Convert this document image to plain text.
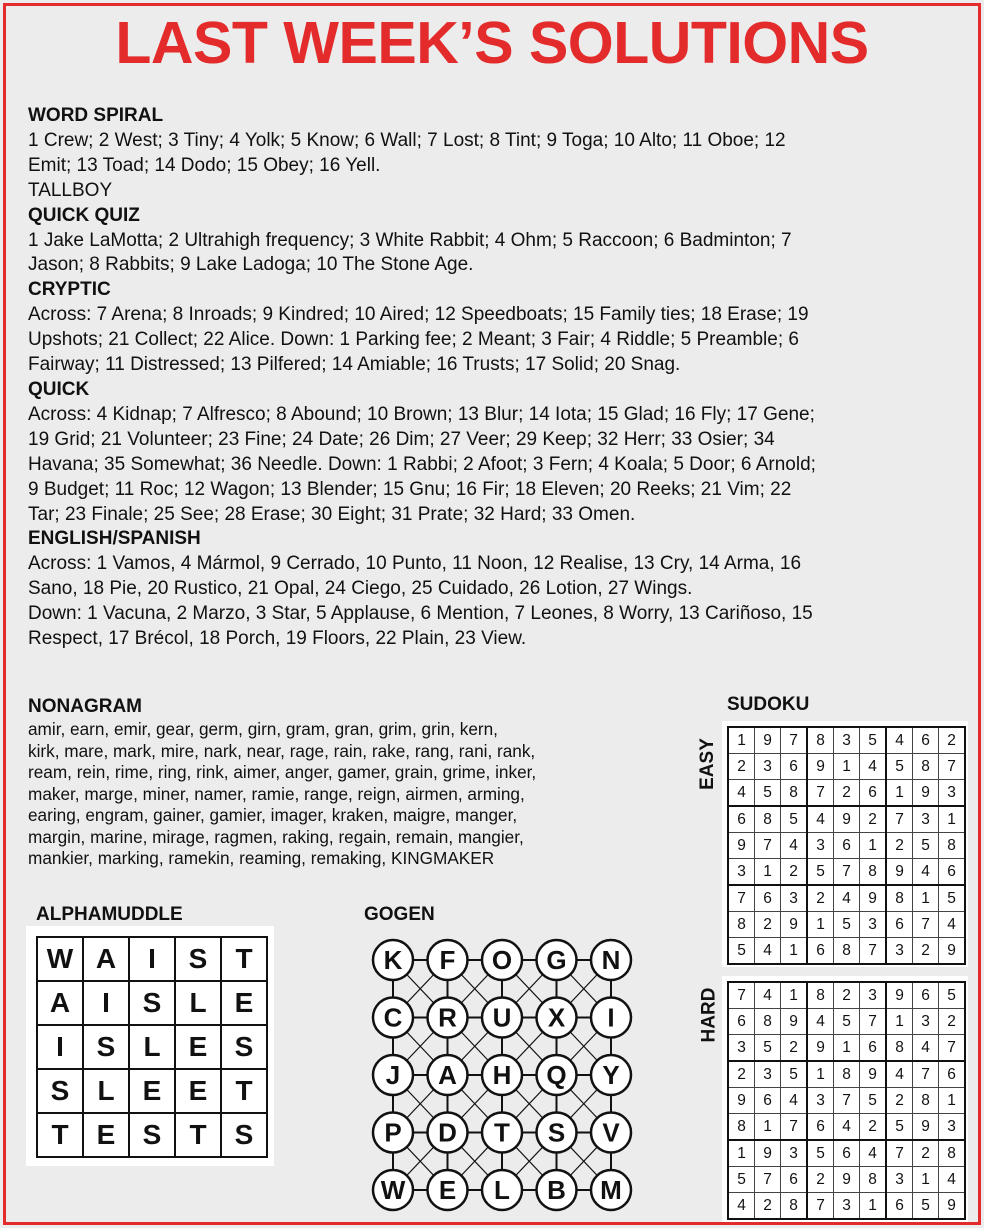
LAST WEEK’S SOLUTIONS
WORD SPIRAL
1 Crew; 2 West; 3 Tiny; 4 Yolk; 5 Know; 6 Wall; 7 Lost; 8 Tint; 9 Toga; 10 Alto; 11 Oboe; 12
Emit; 13 Toad; 14 Dodo; 15 Obey; 16 Yell.
TALLBOY
QUICK QUIZ
1 Jake LaMotta; 2 Ultrahigh frequency; 3 White Rabbit; 4 Ohm; 5 Raccoon; 6 Badminton; 7
Jason; 8 Rabbits; 9 Lake Ladoga; 10 The Stone Age.
CRYPTIC
Across: 7 Arena; 8 Inroads; 9 Kindred; 10 Aired; 12 Speedboats; 15 Family ties; 18 Erase; 19
Upshots; 21 Collect; 22 Alice. Down: 1 Parking fee; 2 Meant; 3 Fair; 4 Riddle; 5 Preamble; 6
Fairway; 11 Distressed; 13 Pilfered; 14 Amiable; 16 Trusts; 17 Solid; 20 Snag.
QUICK
Across: 4 Kidnap; 7 Alfresco; 8 Abound; 10 Brown; 13 Blur; 14 Iota; 15 Glad; 16 Fly; 17 Gene;
19 Grid; 21 Volunteer; 23 Fine; 24 Date; 26 Dim; 27 Veer; 29 Keep; 32 Herr; 33 Osier; 34
Havana; 35 Somewhat; 36 Needle. Down: 1 Rabbi; 2 Afoot; 3 Fern; 4 Koala; 5 Door; 6 Arnold;
9 Budget; 11 Roc; 12 Wagon; 13 Blender; 15 Gnu; 16 Fir; 18 Eleven; 20 Reeks; 21 Vim; 22
Tar; 23 Finale; 25 See; 28 Erase; 30 Eight; 31 Prate; 32 Hard; 33 Omen.
ENGLISH/SPANISH
Across: 1 Vamos, 4 Mármol, 9 Cerrado, 10 Punto, 11 Noon, 12 Realise, 13 Cry, 14 Arma, 16
Sano, 18 Pie, 20 Rustico, 21 Opal, 24 Ciego, 25 Cuidado, 26 Lotion, 27 Wings.
Down: 1 Vacuna, 2 Marzo, 3 Star, 5 Applause, 6 Mention, 7 Leones, 8 Worry, 13 Cariñoso, 15
Respect, 17 Brécol, 18 Porch, 19 Floors, 22 Plain, 23 View.
NONAGRAM
amir, earn, emir, gear, germ, girn, gram, gran, grim, grin, kern,
kirk, mare, mark, mire, nark, near, rage, rain, rake, rang, rani, rank,
ream, rein, rime, ring, rink, aimer, anger, gamer, grain, grime, inker,
maker, marge, miner, namer, ramie, range, reign, airmen, arming,
earing, engram, gainer, gamier, imager, kraken, maigre, manger,
margin, marine, mirage, ragmen, raking, regain, remain, mangier,
mankier, marking, ramekin, reaming, remaking, KINGMAKER
SUDOKU
EASY 1	9	7	8	3	5	4	6	2
2	3	6	9	1	4	5	8	7
4	5	8	7	2	6	1	9	3
6	8	5	4	9	2	7	3	1
9	7	4	3	6	1	2	5	8
3	1	2	5	7	8	9	4	6
7	6	3	2	4	9	8	1	5
8	2	9	1	5	3	6	7	4
5	4	1	6	8	7	3	2	9
HARD 7	4	1	8	2	3	9	6	5
6	8	9	4	5	7	1	3	2
3	5	2	9	1	6	8	4	7
2	3	5	1	8	9	4	7	6
9	6	4	3	7	5	2	8	1
8	1	7	6	4	2	5	9	3
1	9	3	5	6	4	7	2	8
5	7	6	2	9	8	3	1	4
4	2	8	7	3	1	6	5	9
ALPHAMUDDLE
W	A	I	S	T
A	I	S	L	E
I	S	L	E	S
S	L	E	E	T
T	E	S	T	S
GOGEN
K F O G N
C R U X I
J A H Q Y
P D T S V
W E L B M
